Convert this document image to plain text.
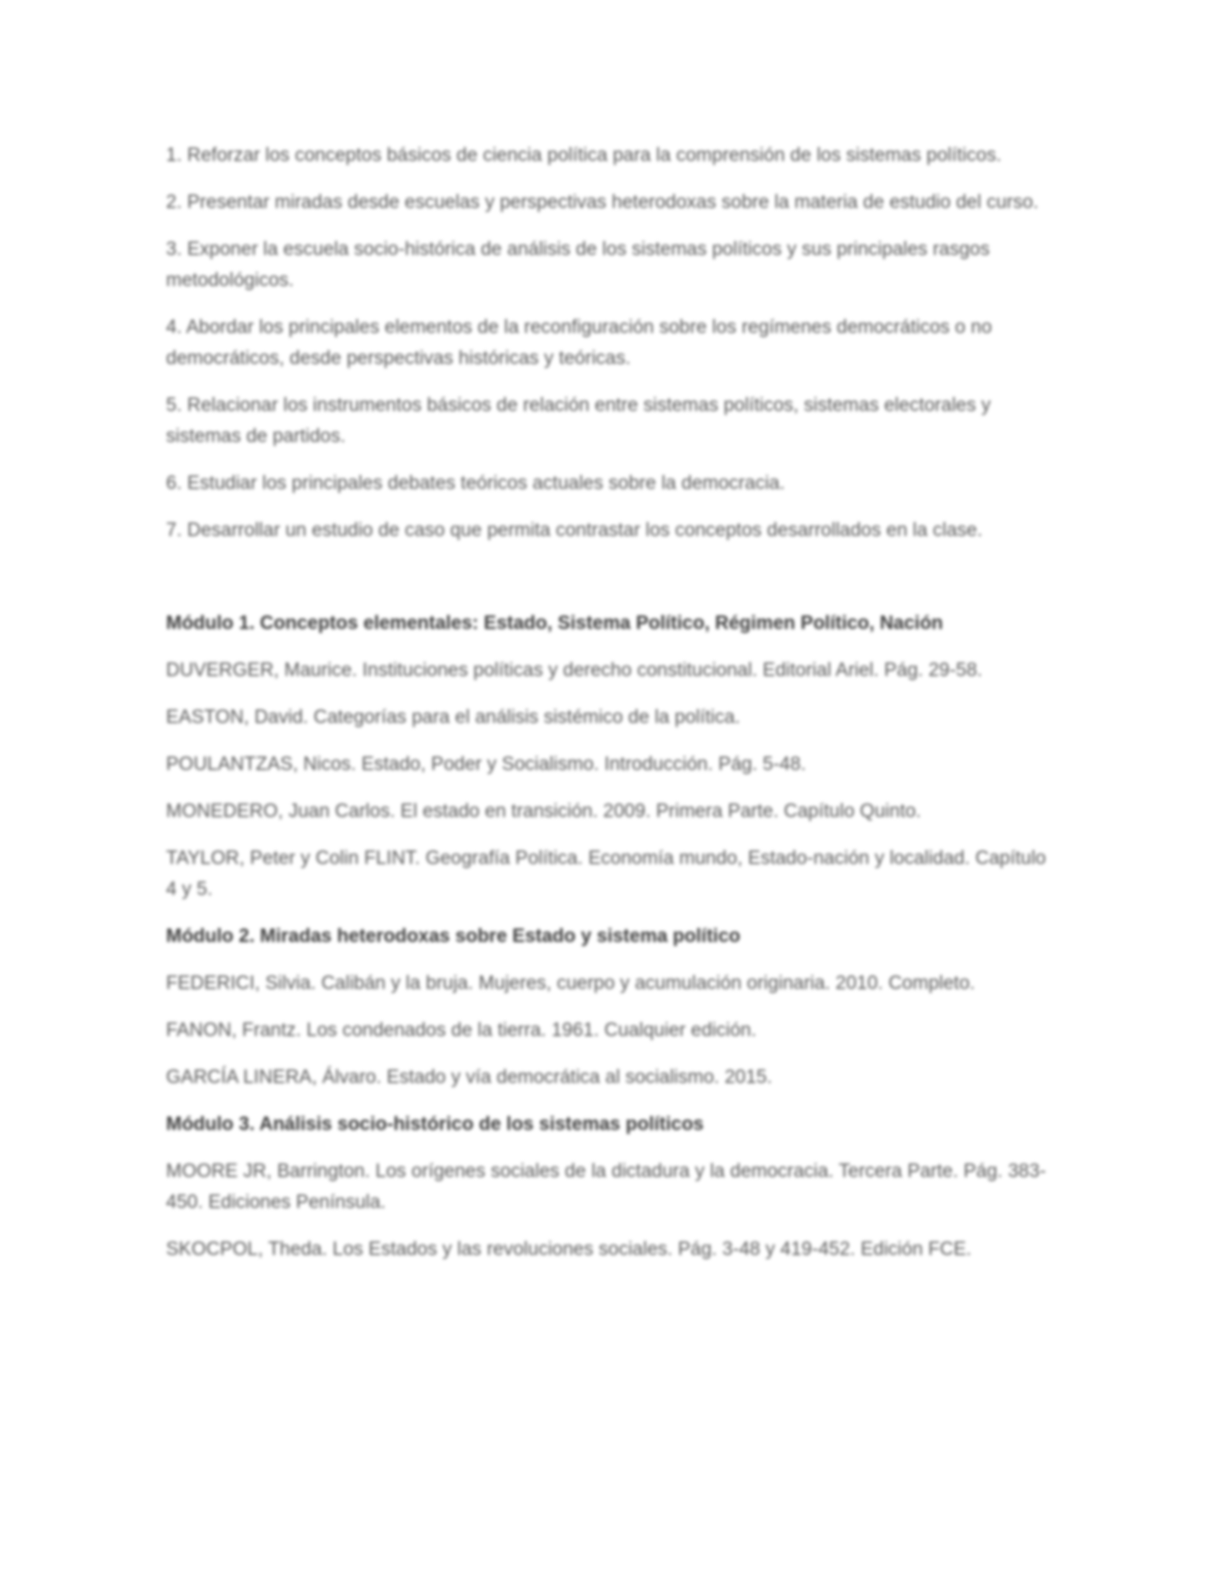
1. Reforzar los conceptos básicos de ciencia política para la comprensión de los sistemas políticos.

2. Presentar miradas desde escuelas y perspectivas heterodoxas sobre la materia de estudio del curso.

3. Exponer la escuela socio-histórica de análisis de los sistemas políticos y sus principales rasgos metodológicos.

4. Abordar los principales elementos de la reconfiguración sobre los regímenes democráticos o no democráticos, desde perspectivas históricas y teóricas.

5. Relacionar los instrumentos básicos de relación entre sistemas políticos, sistemas electorales y sistemas de partidos.

6. Estudiar los principales debates teóricos actuales sobre la democracia.

7. Desarrollar un estudio de caso que permita contrastar los conceptos desarrollados en la clase.

Módulo 1. Conceptos elementales: Estado, Sistema Político, Régimen Político, Nación

DUVERGER, Maurice. Instituciones políticas y derecho constitucional. Editorial Ariel. Pág. 29-58.

EASTON, David. Categorías para el análisis sistémico de la política.

POULANTZAS, Nicos. Estado, Poder y Socialismo. Introducción. Pág. 5-48.

MONEDERO, Juan Carlos. El estado en transición. 2009. Primera Parte. Capítulo Quinto.

TAYLOR, Peter y Colin FLINT. Geografía Política. Economía mundo, Estado-nación y localidad. Capítulo 4 y 5.

Módulo 2. Miradas heterodoxas sobre Estado y sistema político

FEDERICI, Silvia. Calibán y la bruja. Mujeres, cuerpo y acumulación originaria. 2010. Completo.

FANON, Frantz. Los condenados de la tierra. 1961. Cualquier edición.

GARCÍA LINERA, Álvaro. Estado y vía democrática al socialismo. 2015.

Módulo 3. Análisis socio-histórico de los sistemas políticos

MOORE JR, Barrington. Los orígenes sociales de la dictadura y la democracia. Tercera Parte. Pág. 383-450. Ediciones Península.

SKOCPOL, Theda. Los Estados y las revoluciones sociales. Pág. 3-48 y 419-452. Edición FCE.
